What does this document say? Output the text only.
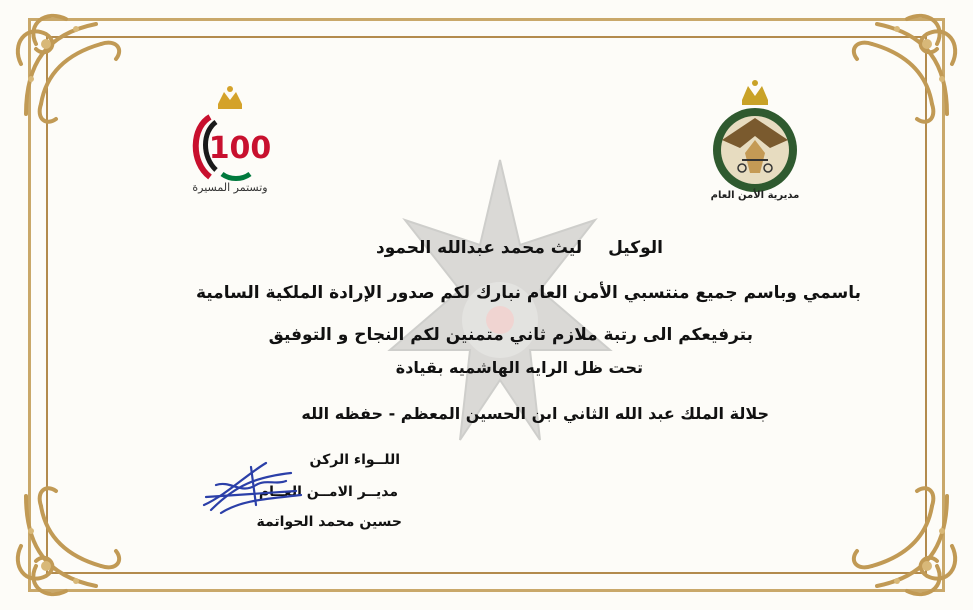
100
وتستمر المسيرة
مديرية الأمن العام
الوكيلليث محمد عبدالله الحمود
باسمي وباسم جميع منتسبي الأمن العام نبارك لكم صدور الإرادة الملكية السامية
بترفيعكم الى رتبة ملازم ثاني متمنين لكم النجاح و التوفيق
تحت ظل الرايه الهاشميه بقيادة
جلالة الملك عبد الله الثاني ابن الحسين المعظم - حفظه الله
اللــواء الركن
مديــر الامــن العــام
حسين محمد الحواتمة
